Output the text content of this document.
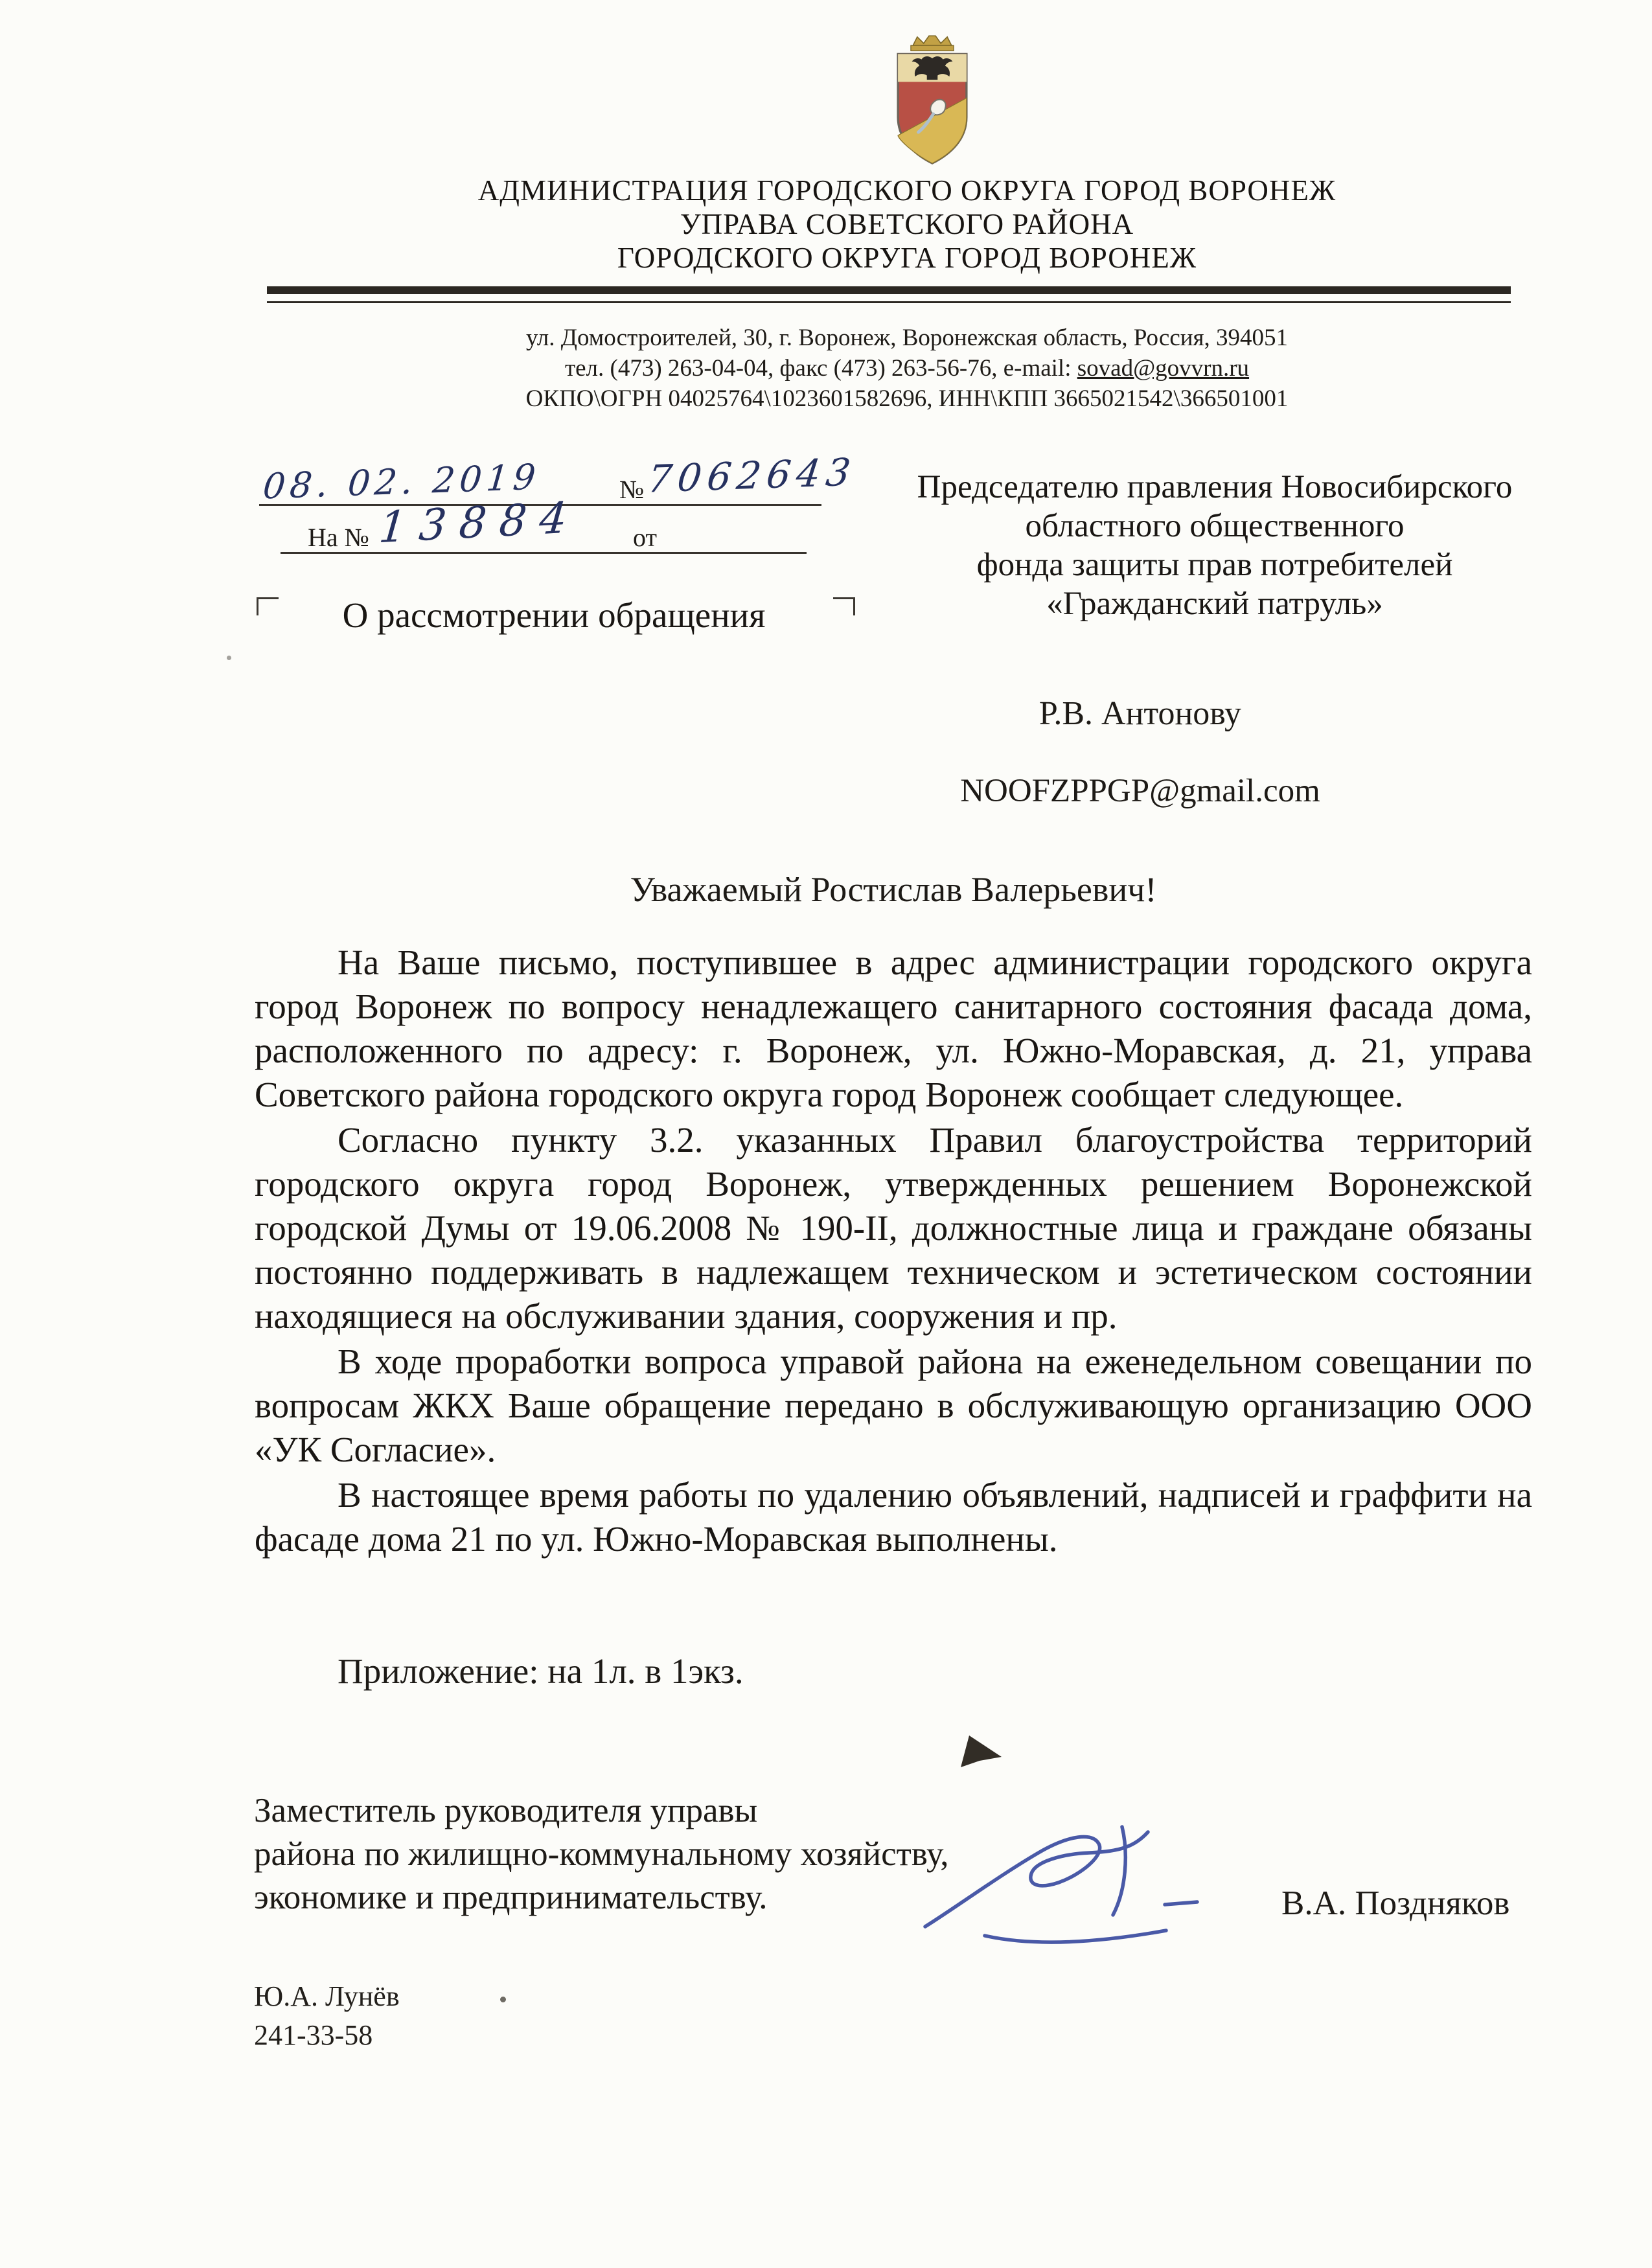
АДМИНИСТРАЦИЯ ГОРОДСКОГО ОКРУГА ГОРОД ВОРОНЕЖ
УПРАВА СОВЕТСКОГО РАЙОНА
ГОРОДСКОГО ОКРУГА ГОРОД ВОРОНЕЖ
ул. Домостроителей, 30, г. Воронеж, Воронежская область, Россия, 394051
тел. (473) 263-04-04, факс (473) 263-56-76, e-mail: sovad@govvrn.ru
ОКПО\ОГРН 04025764\1023601582696, ИНН\КПП 3665021542\366501001
08. 02. 2019	№ 7062643
На № 13884 от
О рассмотрении обращения
Председателю правления Новосибирского
областного общественного
фонда защиты прав потребителей
«Гражданский патруль»
Р.В. Антонову
NOOFZPPGP@gmail.com
Уважаемый Ростислав Валерьевич!

На Ваше письмо, поступившее в адрес администрации городского округа город Воронеж по вопросу ненадлежащего санитарного состояния фасада дома, расположенного по адресу: г. Воронеж, ул. Южно-Моравская, д. 21, управа Советского района городского округа город Воронеж сообщает следующее.

Согласно пункту 3.2. указанных Правил благоустройства территорий городского округа город Воронеж, утвержденных решением Воронежской городской Думы от 19.06.2008 № 190-II, должностные лица и граждане обязаны постоянно поддерживать в надлежащем техническом и эстетическом состоянии находящиеся на обслуживании здания, сооружения и пр.

В ходе проработки вопроса управой района на еженедельном совещании по вопросам ЖКХ Ваше обращение передано в обслуживающую организацию ООО «УК Согласие».

В настоящее время работы по удалению объявлений, надписей и граффити на фасаде дома 21 по ул. Южно-Моравская выполнены.

Приложение: на 1л. в 1экз.
Заместитель руководителя управы
района по жилищно-коммунальному хозяйству,
экономике и предпринимательству.	В.А. Поздняков
Ю.А. Лунёв
241-33-58
